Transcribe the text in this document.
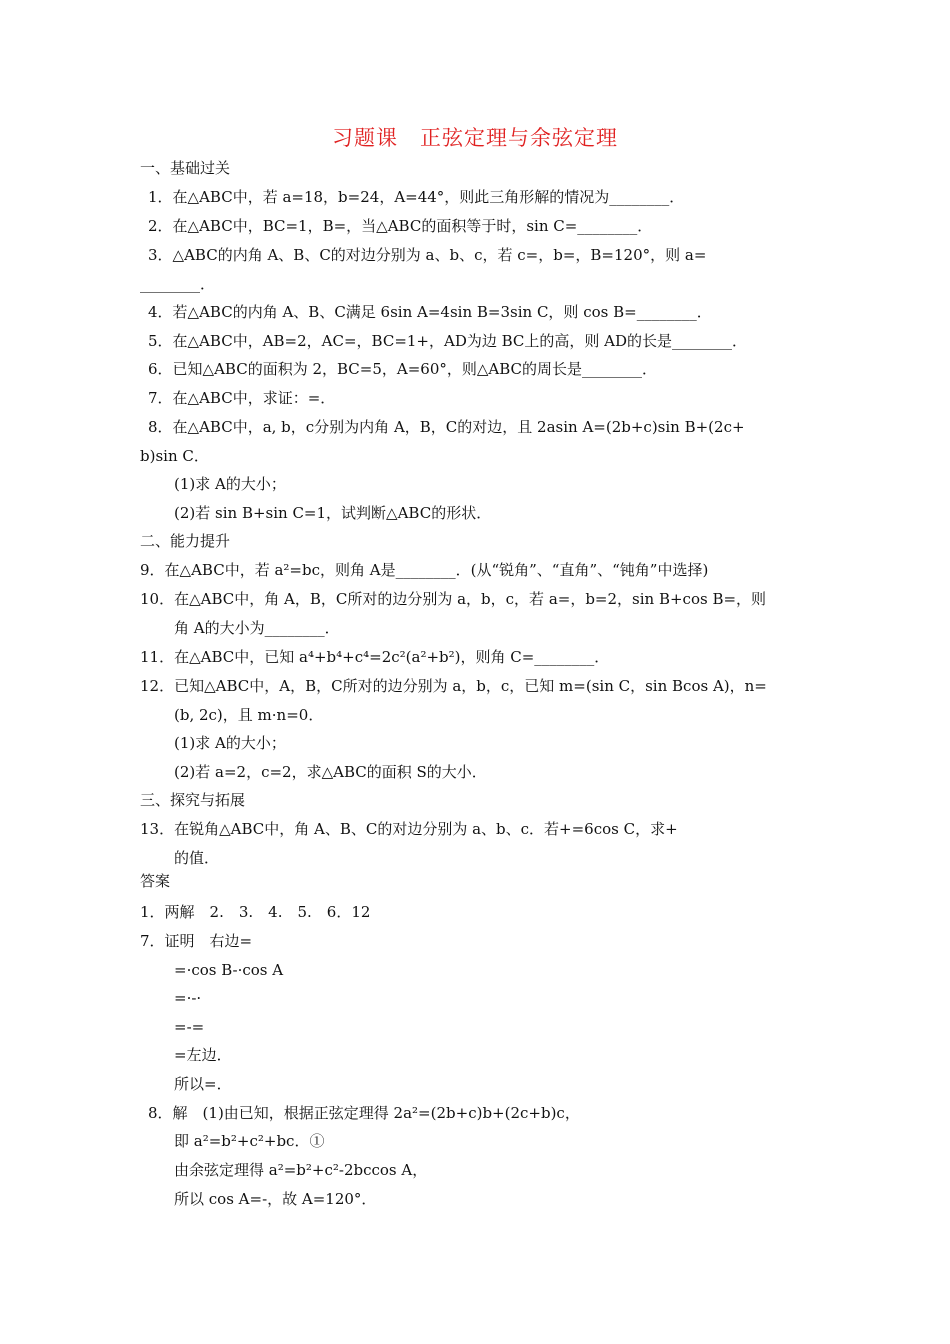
习题课　正弦定理与余弦定理
一、基础过关
1．在△ABC中，若 a=18，b=24，A=44°，则此三角形解的情况为________．
2．在△ABC中，BC=1，B=，当△ABC的面积等于时，sin C=________．
3．△ABC的内角 A、B、C的对边分别为 a、b、c，若 c=，b=，B=120°，则 a=
________．
4．若△ABC的内角 A、B、C满足 6sin A=4sin B=3sin C，则 cos B=________．
5．在△ABC中，AB=2，AC=，BC=1+，AD为边 BC上的高，则 AD的长是________．
6．已知△ABC的面积为 2，BC=5，A=60°，则△ABC的周长是________．
7．在△ABC中，求证：=．
8．在△ABC中，a, b，c分别为内角 A，B，C的对边，且 2asin A=(2b+c)sin B+(2c+
b)sin C．
(1)求 A的大小；
(2)若 sin B+sin C=1，试判断△ABC的形状．
二、能力提升
9．在△ABC中，若 a²=bc，则角 A是________．(从“锐角”、“直角”、“钝角”中选择)
10．在△ABC中，角 A，B，C所对的边分别为 a，b，c，若 a=，b=2，sin B+cos B=，则
角 A的大小为________．
11．在△ABC中，已知 a⁴+b⁴+c⁴=2c²(a²+b²)，则角 C=________．
12．已知△ABC中，A，B，C所对的边分别为 a，b，c，已知 m=(sin C，sin Bcos A)，n=
(b, 2c)，且 m·n=0．
(1)求 A的大小；
(2)若 a=2，c=2，求△ABC的面积 S的大小．
三、探究与拓展
13．在锐角△ABC中，角 A、B、C的对边分别为 a、b、c．若+=6cos C，求+
的值．
答案
1．两解　2.　3.　4.　5.　6．12
7．证明　右边=
=·cos B-·cos A
=·-·
=-=
=左边．
所以=．
8．解　(1)由已知，根据正弦定理得 2a²=(2b+c)b+(2c+b)c，
即 a²=b²+c²+bc．①
由余弦定理得 a²=b²+c²-2bccos A，
所以 cos A=-，故 A=120°．
